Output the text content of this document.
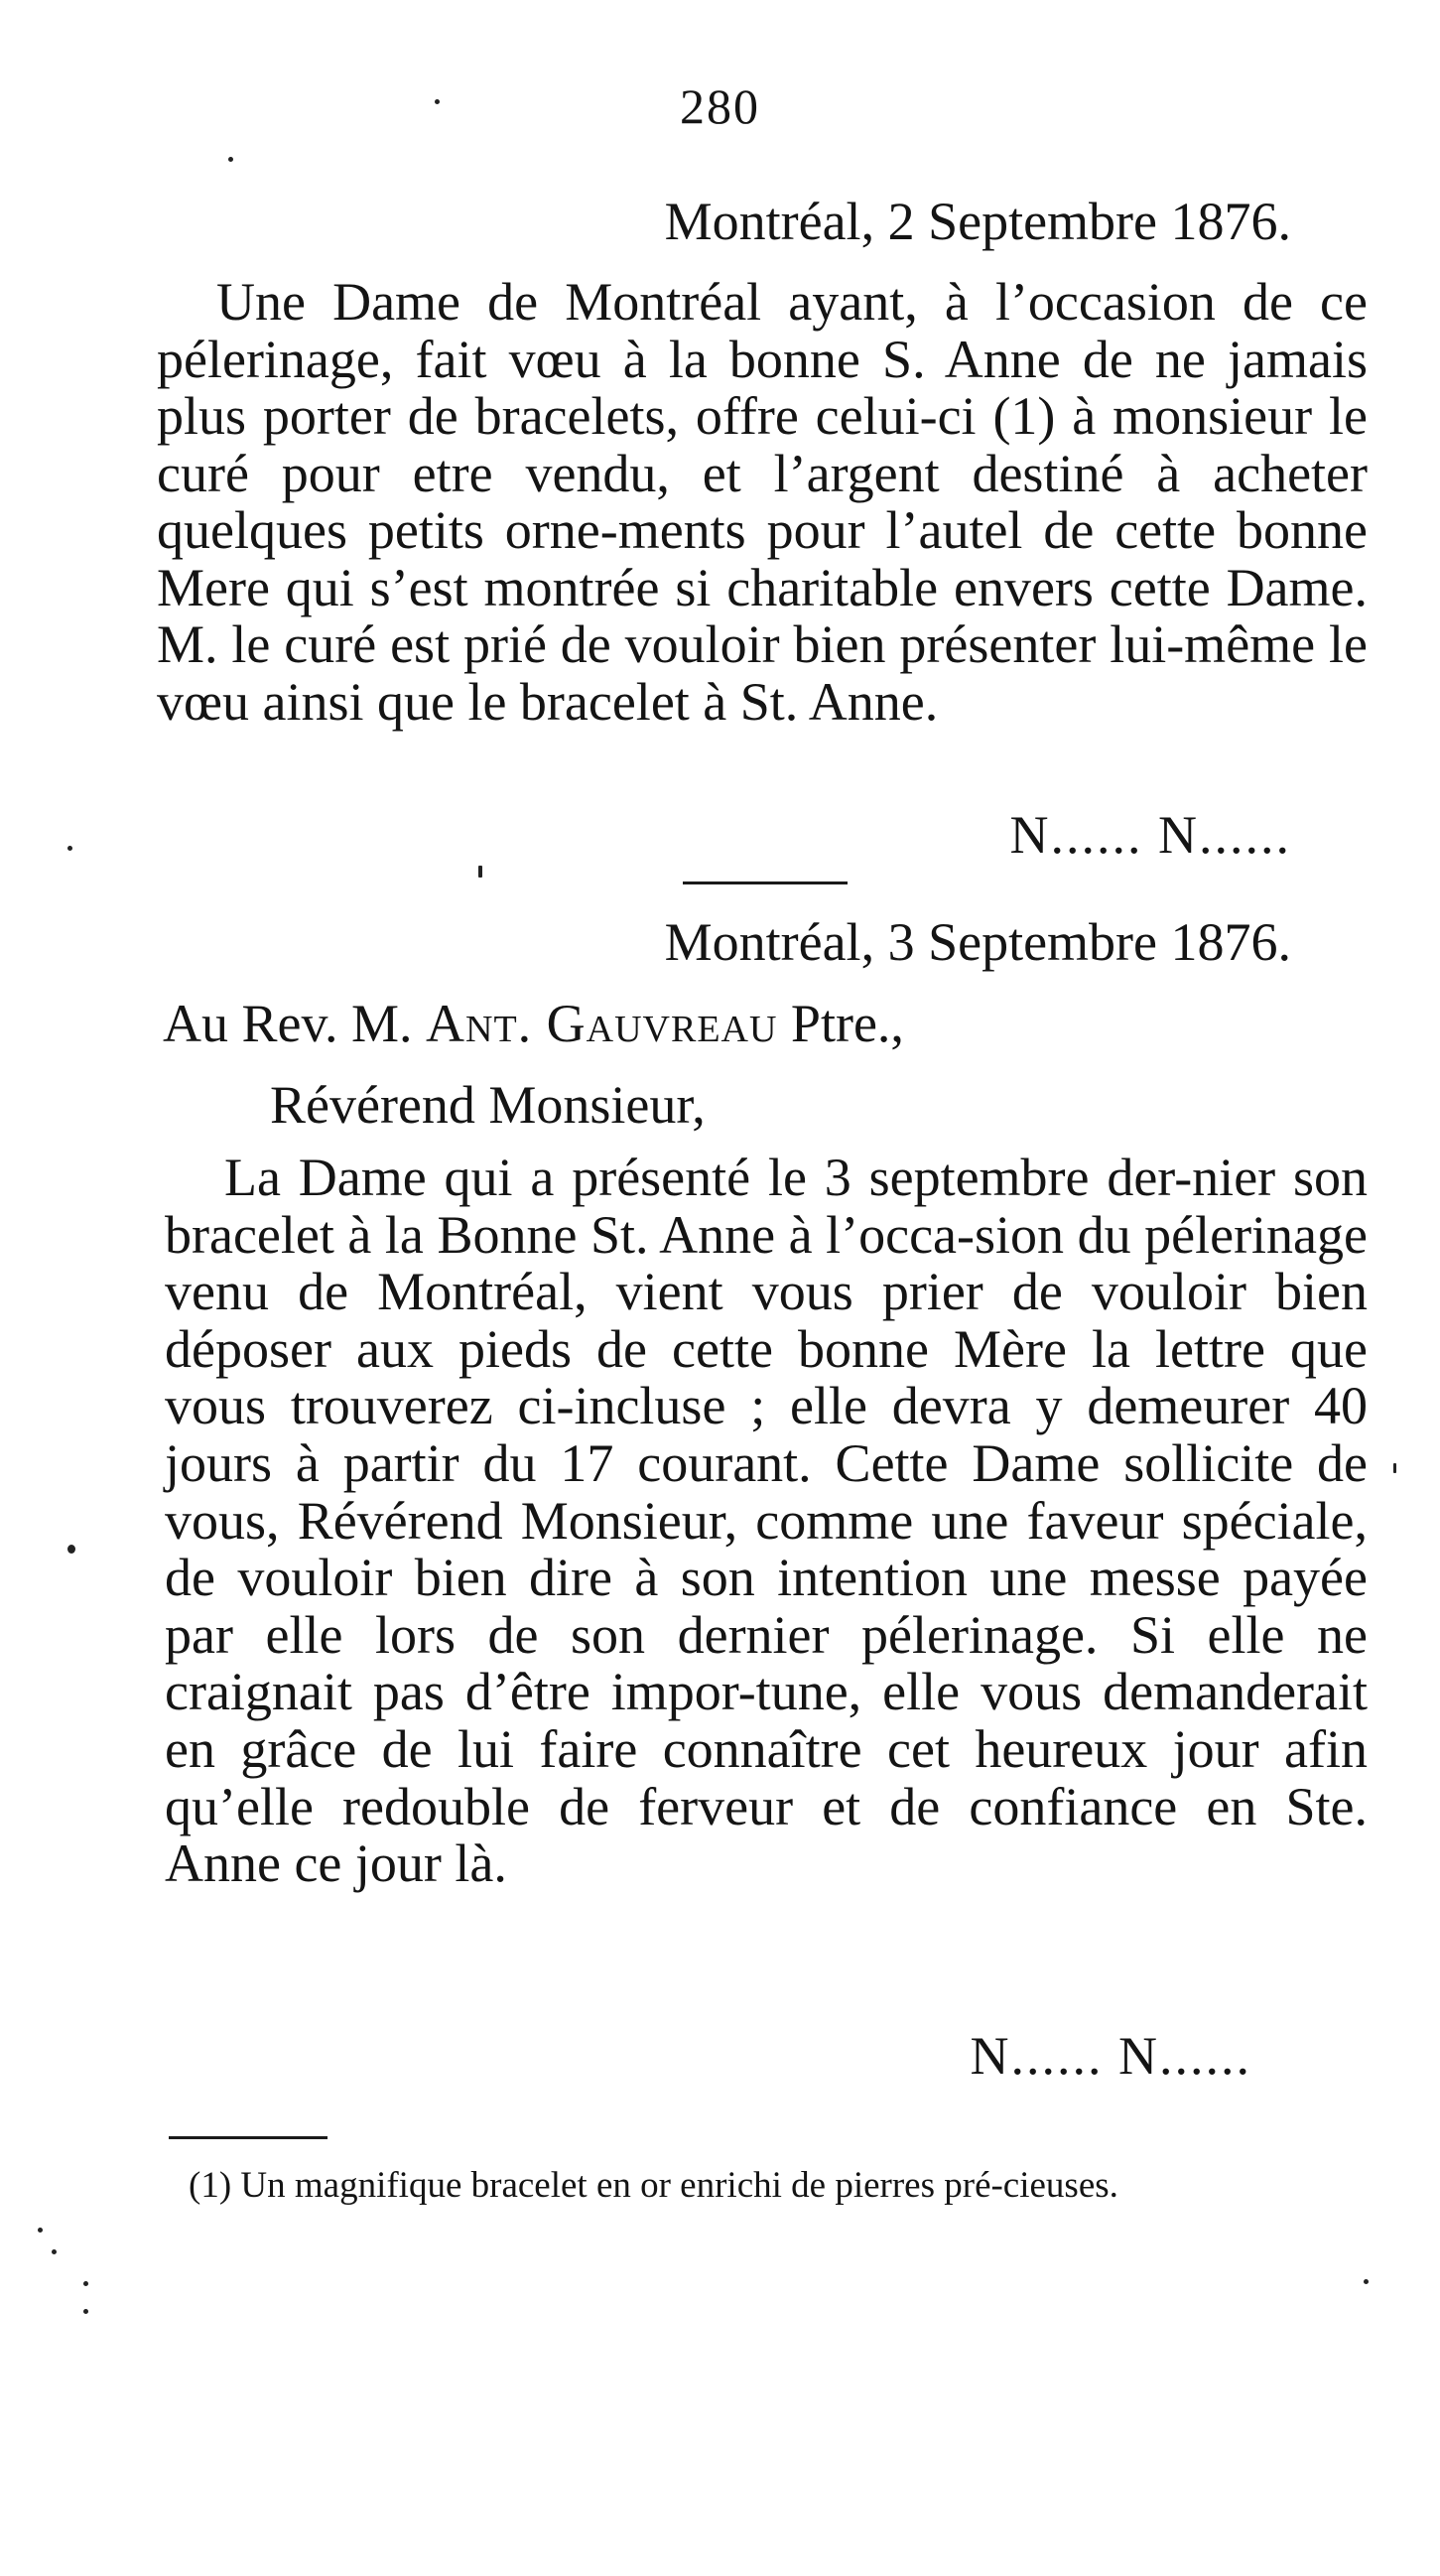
280
Montréal, 2 Septembre 1876.

Une Dame de Montréal ayant, à l’occasion de ce pélerinage, fait vœu à la bonne S. Anne de ne jamais plus porter de bracelets, offre celui-ci (1) à monsieur le curé pour etre vendu, et l’argent destiné à acheter quelques petits orne-ments pour l’autel de cette bonne Mere qui s’est montrée si charitable envers cette Dame. M. le curé est prié de vouloir bien présenter lui-même le vœu ainsi que le bracelet à St. Anne.

N...... N......
Montréal, 3 Septembre 1876.
Au Rev. M. Ant. Gauvreau Ptre.,
Révérend Monsieur,

La Dame qui a présenté le 3 septembre der-nier son bracelet à la Bonne St. Anne à l’occa-sion du pélerinage venu de Montréal, vient vous prier de vouloir bien déposer aux pieds de cette bonne Mère la lettre que vous trouverez ci-incluse ; elle devra y demeurer 40 jours à partir du 17 courant. Cette Dame sollicite de vous, Révérend Monsieur, comme une faveur spéciale, de vouloir bien dire à son intention une messe payée par elle lors de son dernier pélerinage. Si elle ne craignait pas d’être impor-tune, elle vous demanderait en grâce de lui faire connaître cet heureux jour afin qu’elle redouble de ferveur et de confiance en Ste. Anne ce jour là.

N...... N......

(1) Un magnifique bracelet en or enrichi de pierres pré-cieuses.
